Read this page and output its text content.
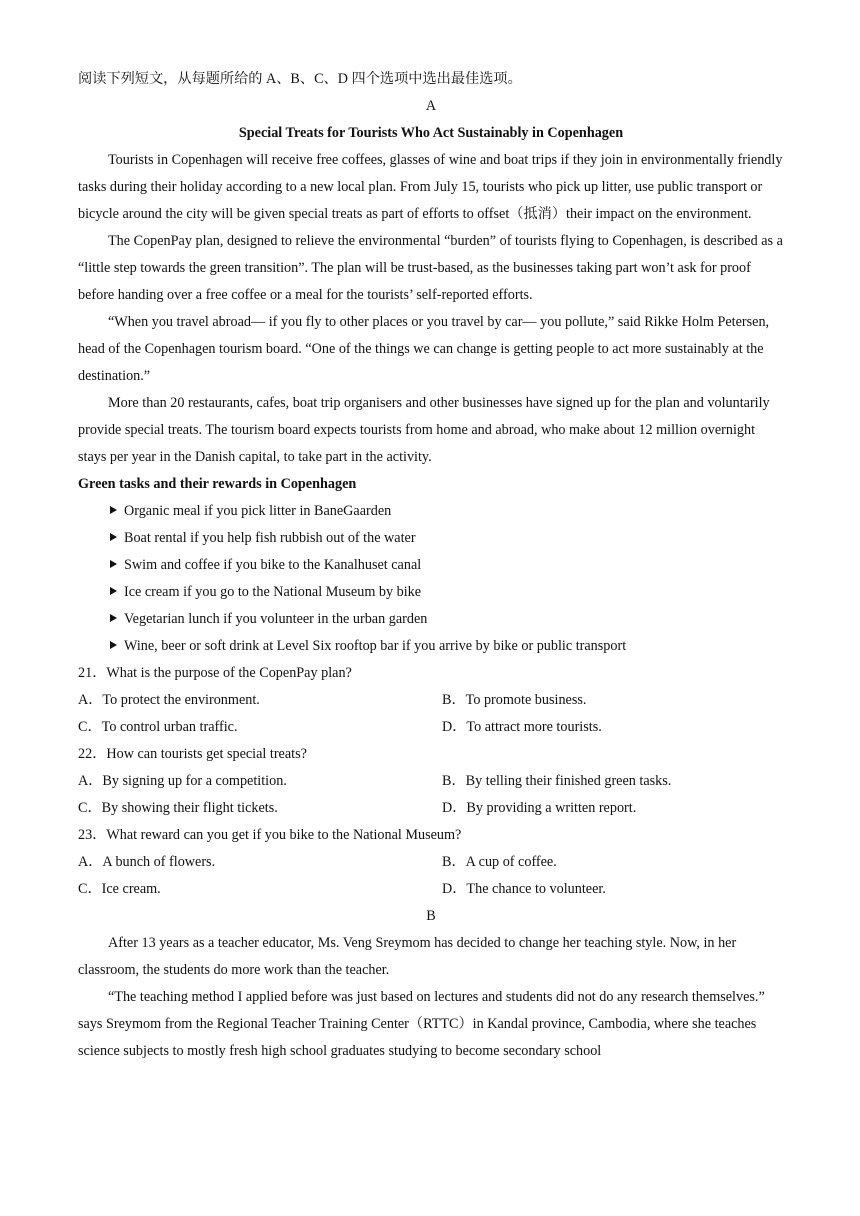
阅读下列短文，从每题所给的 A、B、C、D 四个选项中选出最佳选项。
A
Special Treats for Tourists Who Act Sustainably in Copenhagen
Tourists in Copenhagen will receive free coffees, glasses of wine and boat trips if they join in environmentally friendly tasks during their holiday according to a new local plan. From July 15, tourists who pick up litter, use public transport or bicycle around the city will be given special treats as part of efforts to offset（抵消）their impact on the environment.
The CopenPay plan, designed to relieve the environmental “burden” of tourists flying to Copenhagen, is described as a “little step towards the green transition”. The plan will be trust-based, as the businesses taking part won’t ask for proof before handing over a free coffee or a meal for the tourists’ self-reported efforts.
“When you travel abroad— if you fly to other places or you travel by car— you pollute,” said Rikke Holm Petersen, head of the Copenhagen tourism board. “One of the things we can change is getting people to act more sustainably at the destination.”
More than 20 restaurants, cafes, boat trip organisers and other businesses have signed up for the plan and voluntarily provide special treats. The tourism board expects tourists from home and abroad, who make about 12 million overnight stays per year in the Danish capital, to take part in the activity.
Green tasks and their rewards in Copenhagen
Organic meal if you pick litter in BaneGaarden
Boat rental if you help fish rubbish out of the water
Swim and coffee if you bike to the Kanalhuset canal
Ice cream if you go to the National Museum by bike
Vegetarian lunch if you volunteer in the urban garden
Wine, beer or soft drink at Level Six rooftop bar if you arrive by bike or public transport
21．What is the purpose of the CopenPay plan?
A．To protect the environment.	B．To promote business.
C．To control urban traffic.	D．To attract more tourists.
22．How can tourists get special treats?
A．By signing up for a competition.	B．By telling their finished green tasks.
C．By showing their flight tickets.	D．By providing a written report.
23．What reward can you get if you bike to the National Museum?
A．A bunch of flowers.	B．A cup of coffee.
C．Ice cream.	D．The chance to volunteer.
B
After 13 years as a teacher educator, Ms. Veng Sreymom has decided to change her teaching style. Now, in her classroom, the students do more work than the teacher.
“The teaching method I applied before was just based on lectures and students did not do any research themselves.” says Sreymom from the Regional Teacher Training Center（RTTC）in Kandal province, Cambodia, where she teaches science subjects to mostly fresh high school graduates studying to become secondary school
